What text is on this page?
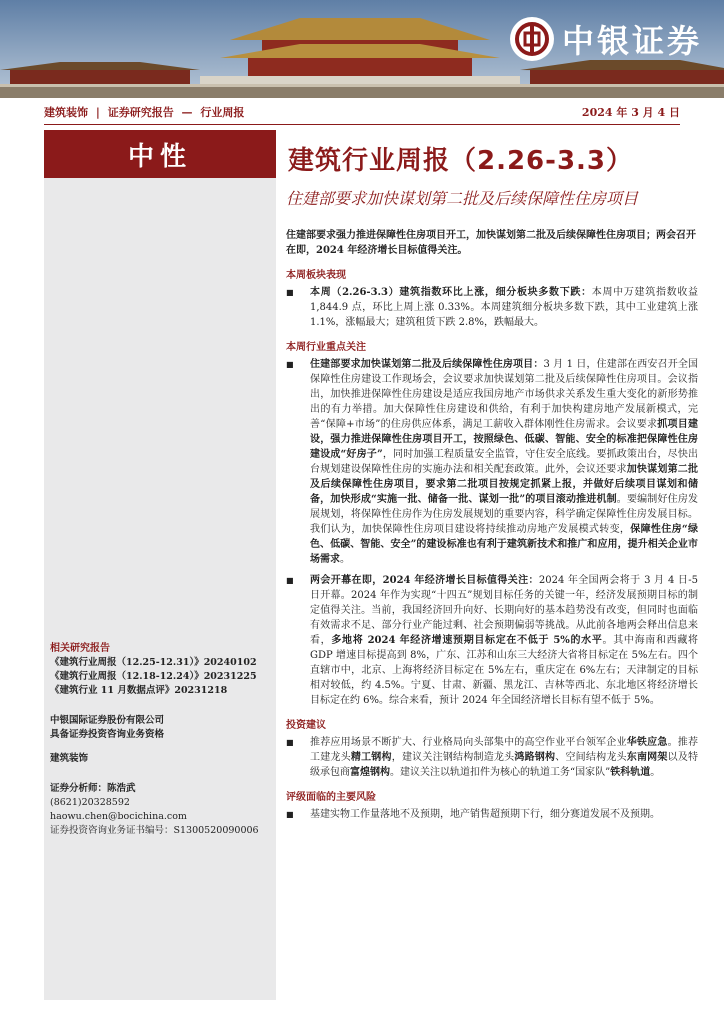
中银证券
建筑装饰 | 证券研究报告 — 行业周报	2024 年 3 月 4 日
中性
相关研究报告
《建筑行业周报（12.25-12.31）》20240102
《建筑行业周报（12.18-12.24）》20231225
《建筑行业 11 月数据点评》20231218
中银国际证券股份有限公司
具备证券投资咨询业务资格
建筑装饰
证券分析师：陈浩武
(8621)20328592
haowu.chen@bocichina.com
证券投资咨询业务证书编号：S1300520090006
建筑行业周报（2.26-3.3）
住建部要求加快谋划第二批及后续保障性住房项目
住建部要求强力推进保障性住房项目开工，加快谋划第二批及后续保障性住房项目；两会召开在即，2024 年经济增长目标值得关注。
本周板块表现
■ 本周（2.26-3.3）建筑指数环比上涨，细分板块多数下跌：本周中万建筑指数收益 1,844.9 点，环比上周上涨 0.33%。本周建筑细分板块多数下跌，其中工业建筑上涨 1.1%，涨幅最大；建筑租赁下跌 2.8%，跌幅最大。
本周行业重点关注
■ 住建部要求加快谋划第二批及后续保障性住房项目：3 月 1 日，住建部在西安召开全国保障性住房建设工作现场会，会议要求加快谋划第二批及后续保障性住房项目。会议指出，加快推进保障性住房建设是适应我国房地产市场供求关系发生重大变化的新形势推出的有力举措。加大保障性住房建设和供给，有利于加快构建房地产发展新模式，完善“保障+市场”的住房供应体系，满足工薪收入群体刚性住房需求。会议要求抓项目建设，强力推进保障性住房项目开工，按照绿色、低碳、智能、安全的标准把保障性住房建设成“好房子”，同时加强工程质量安全监管，守住安全底线。要抓政策出台，尽快出台规划建设保障性住房的实施办法和相关配套政策。此外，会议还要求加快谋划第二批及后续保障性住房项目，要求第二批项目按规定抓紧上报，并做好后续项目谋划和储备，加快形成“实施一批、储备一批、谋划一批”的项目滚动推进机制。要编制好住房发展规划，将保障性住房作为住房发展规划的重要内容，科学确定保障性住房发展目标。我们认为，加快保障性住房项目建设将持续推动房地产发展模式转变，保障性住房“绿色、低碳、智能、安全”的建设标准也有利于建筑新技术和推广和应用，提升相关企业市场需求。
■ 两会开幕在即，2024 年经济增长目标值得关注：2024 年全国两会将于 3 月 4 日-5 日开幕。2024 年作为实现“十四五”规划目标任务的关键一年，经济发展预期目标的制定值得关注。当前，我国经济回升向好、长期向好的基本趋势没有改变，但同时也面临有效需求不足、部分行业产能过剩、社会预期偏弱等挑战。从此前各地两会释出信息来看，多地将 2024 年经济增速预期目标定在不低于 5%的水平。其中海南和西藏将 GDP 增速目标提高到 8%，广东、江苏和山东三大经济大省将目标定在 5%左右。四个直辖市中，北京、上海将经济目标定在 5%左右，重庆定在 6%左右；天津制定的目标相对较低，约 4.5%。宁夏、甘肃、新疆、黑龙江、吉林等西北、东北地区将经济增长目标定在约 6%。综合来看，预计 2024 年全国经济增长目标有望不低于 5%。
投资建议
■ 推荐应用场景不断扩大、行业格局向头部集中的高空作业平台领军企业华铁应急。推荐工建龙头精工钢构，建议关注钢结构制造龙头鸿路钢构、空间结构龙头东南网架以及特级承包商富煌钢构。建议关注以轨道扣件为核心的轨道工务“国家队”铁科轨道。
评级面临的主要风险
■ 基建实物工作量落地不及预期，地产销售超预期下行，细分赛道发展不及预期。
